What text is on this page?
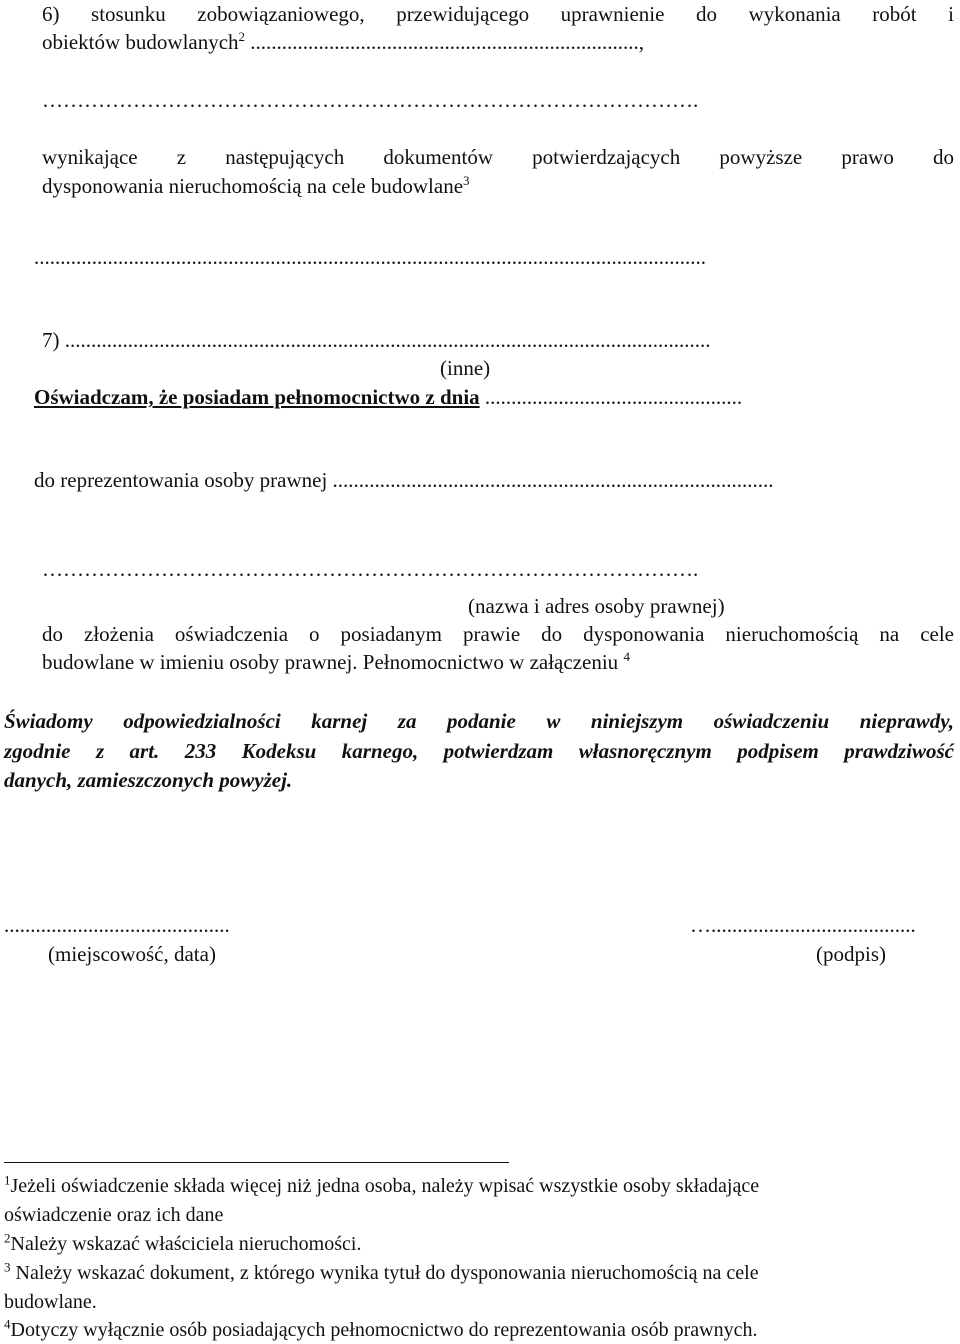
6) stosunku zobowiązaniowego, przewidującego uprawnienie do wykonania robót i
obiektów budowlanych$^2$ ..........................................................................,
………………………………………………………………………………….
wynikające z następujących dokumentów potwierdzających powyższe prawo do
dysponowania nieruchomością na cele budowlane$^3$
................................................................................................................................
7) ...........................................................................................................................
(inne)
Oświadczam, że posiadam pełnomocnictwo z dnia .................................................
do reprezentowania osoby prawnej ....................................................................................
………………………………………………………………………………….
(nazwa i adres osoby prawnej)
do złożenia oświadczenia o posiadanym prawie do dysponowania nieruchomością na cele
budowlane w imieniu osoby prawnej. Pełnomocnictwo w załączeniu $^4$
Świadomy odpowiedzialności karnej za podanie w niniejszym oświadczeniu nieprawdy,
zgodnie z art. 233 Kodeksu karnego, potwierdzam własnoręcznym podpisem prawdziwość
danych, zamieszczonych powyżej.
...........................................
(miejscowość, data)
….......................................
(podpis)
$^1$Jeżeli oświadczenie składa więcej niż jedna osoba, należy wpisać wszystkie osoby składające
oświadczenie oraz ich dane
$^2$Należy wskazać właściciela nieruchomości.
$^3$ Należy wskazać dokument, z którego wynika tytuł do dysponowania nieruchomością na cele
budowlane.
$^4$Dotyczy wyłącznie osób posiadających pełnomocnictwo do reprezentowania osób prawnych.
